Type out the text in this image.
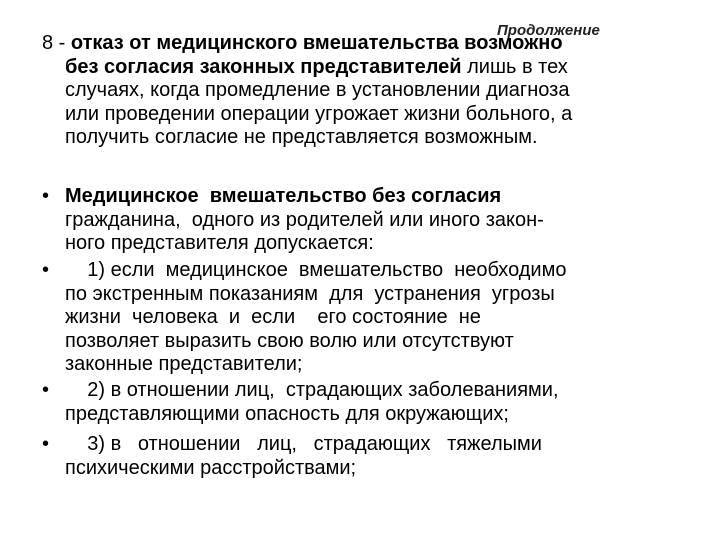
Продолжение
8 - отказ от медицинского вмешательства возможно
без согласия законных представителей лишь в тех
случаях, когда промедление в установлении диагноза
или проведении операции угрожает жизни больного, а
получить согласие не представляется возможным.
• Медицинское  вмешательство без согласия
гражданина,  одного из родителей или иного закон-
ного представителя допускается:
• 1) если  медицинское  вмешательство  необходимо
по экстренным показаниям  для  устранения  угрозы
жизни  человека  и  если    его состояние  не
позволяет выразить свою волю или отсутствуют
законные представители;
• 2) в отношении лиц,  страдающих заболеваниями,
представляющими опасность для окружающих;
• 3) в   отношении   лиц,   страдающих   тяжелыми
психическими расстройствами;
